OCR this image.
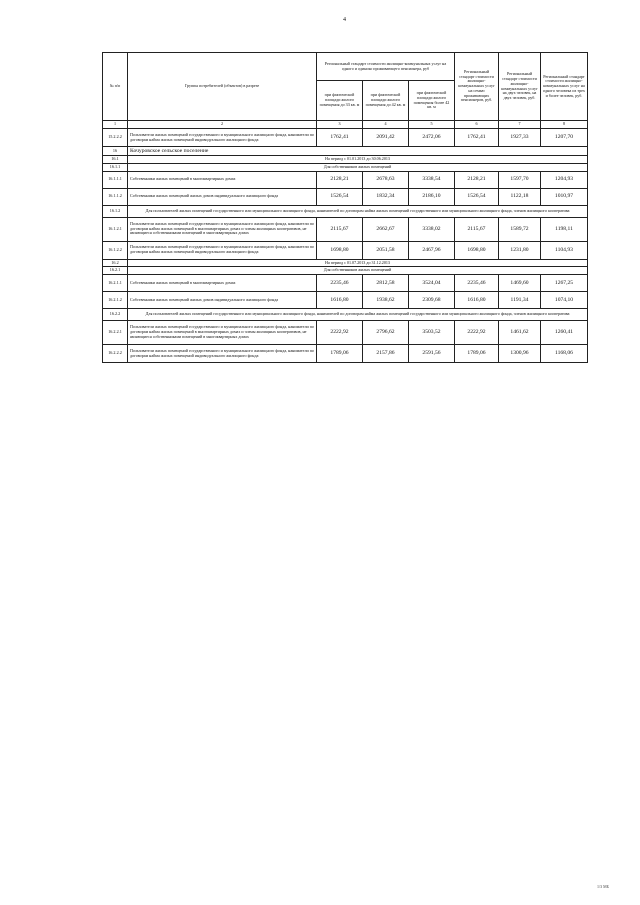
4
№ п/п	Группы потребителей (объектов) в разрезе	Региональный стандарт стоимости жилищно-коммунальных услуг на одного и одиноко проживающего пенсионера, руб			Региональный стандарт стоимости жилищно-коммунальных услуг на семью проживающих пенсионеров, руб.	Региональный стандарт стоимости жилищно-коммунальных услуг на двух человек, на двух человек, руб.	Региональный стандарт стоимости жилищно-коммунальных услуг на одного человека из трех и более человек, руб.
		при фактической площади жилого помещения до 33 кв. м	при фактической площади жилого помещения до 42 кв. м	при фактической площади жилого помещения более 42 кв. м			
1	2	3	4	5	6	7	8
15.2.2.2	Пользователи жилых помещений государственного и муниципального жилищного фонда, наниматели по договорам найма жилых помещений индивидуального жилищного фонда	1762,41	2091,42	2472,06	1762,41	1927,33	1207,70
16	Кочуровское сельское поселение						
16.1	На период с 01.01.2013 до 30.06.2013						
16.1.1	Для собственников жилых помещений						
16.1.1.1	Собственники жилых помещений в многоквартирных домах	2128,21	2678,63	3338,54	2128,21	1597,70	1204,93
16.1.1.2	Собственники жилых помещений жилых домов индивидуального жилищного фонда	1526,54	1832,34	2186,10	1526,54	1122,18	1010,97
16.1.2	Для пользователей жилых помещений государственного или муниципального жилищного фонда, нанимателей по договорам найма жилых помещений государственного или муниципального жилищного фонда, членов жилищного кооператива						
16.1.2.1	Пользователи жилых помещений государственного и муниципального жилищного фонда, наниматели по договорам найма жилых помещений в многоквартирных домах и члены жилищных кооперативов, не являющиеся собственниками помещений в многоквартирных домах	2115,67	2662,67	3338,02	2115,67	1589,72	1198,11
16.1.2.2	Пользователи жилых помещений государственного и муниципального жилищного фонда, наниматели по договорам найма жилых помещений индивидуального жилищного фонда	1698,80	2051,58	2467,96	1698,80	1231,80	1104,93
16.2	На период с 01.07.2013 до 31.12.2013						
16.2.1	Для собственников жилых помещений						
16.2.1.1	Собственники жилых помещений в многоквартирных домах	2235,46	2812,58	3524,04	2235,46	1469,60	1267,25
16.2.1.2	Собственники жилых помещений жилых домов индивидуального жилищного фонда	1616,80	1938,62	2309,68	1616,80	1191,34	1074,10
16.2.2	Для пользователей жилых помещений государственного или муниципального жилищного фонда, нанимателей по договорам найма жилых помещений государственного или муниципального жилищного фонда, членов жилищного кооператива						
16.2.2.1	Пользователи жилых помещений государственного и муниципального жилищного фонда, наниматели по договорам найма жилых помещений в многоквартирных домах и члены жилищных кооперативов, не являющиеся собственниками помещений в многоквартирных домах	2222,92	2796,62	3503,52	2222,92	1461,62	1260,41
16.2.2.2	Пользователи жилых помещений государственного и муниципального жилищного фонда, наниматели по договорам найма жилых помещений индивидуального жилищного фонда	1789,06	2157,86	2591,56	1789,06	1300,96	1168,06
1/3 МБ
